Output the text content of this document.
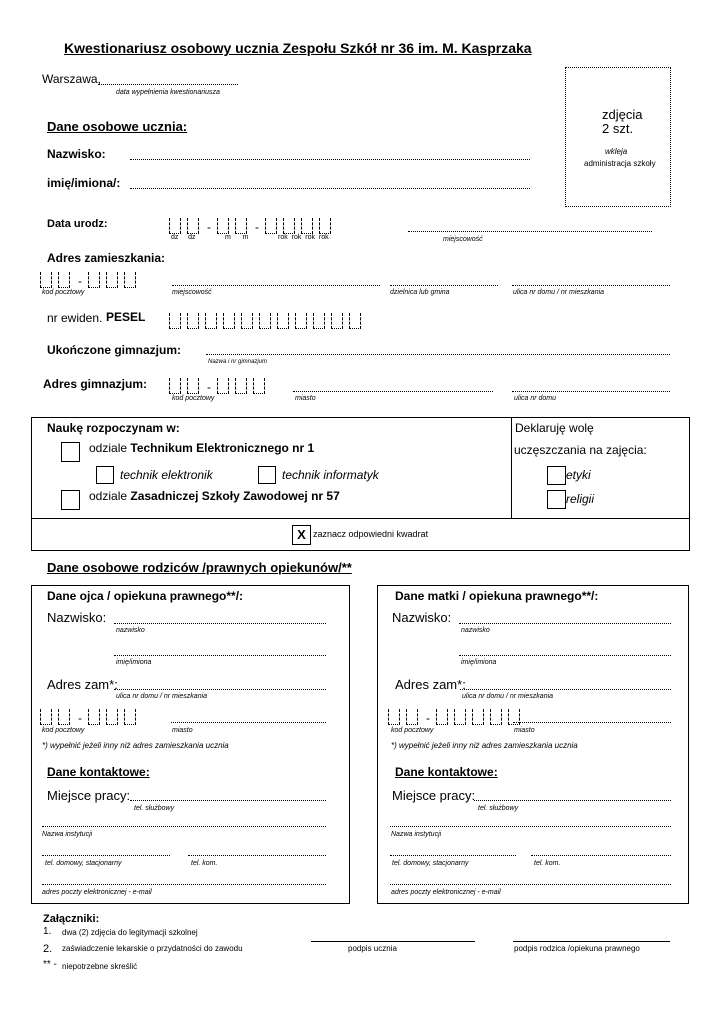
Kwestionariusz osobowy ucznia Zespołu Szkół nr 36 im. M. Kasprzaka
Warszawa,
data wypełnienia kwestionariusza
zdjęcia
2 szt.
wkleja
administracja szkoły
Dane osobowe ucznia:
Nazwisko:
imię/imiona/:
Data urodz:	-	-
dz dz	m m	rok rok rok rok	miejscowość
Adres zamieszkania:
-
kod pocztowy	miejscowość	dzielnica lub gmina	ulica nr domu / nr mieszkania
nr ewiden. PESEL
Ukończone gimnazjum:
Nazwa i nr gimnazjum
Adres gimnazjum:	-
kod pocztowy	miasto	ulica nr domu
Naukę rozpoczynam w:
odziale Technikum Elektronicznego nr 1
technik elektronik	technik informatyk
odziale Zasadniczej Szkoły Zawodowej nr 57
Deklaruję wolę
uczęszczania na zajęcia:
etyki
religii
X zaznacz odpowiedni kwadrat
Dane osobowe rodziców /prawnych opiekunów/**
Dane ojca / opiekuna prawnego**/:
Nazwisko:
nazwisko
imię/imiona
Adres zam*:
ulica nr domu / nr mieszkania
-
kod pocztowy	miasto
*) wypełnić jeżeli inny niż adres zamieszkania ucznia
Dane kontaktowe:
Miejsce pracy:
tel. służbowy
Nazwa instytucji
tel. domowy, stacjonarny	tel. kom.
adres poczty elektronicznej - e-mail
Dane matki / opiekuna prawnego**/:
Nazwisko:
nazwisko
imię/imiona
Adres zam*:
ulica nr domu / nr mieszkania
-
kod pocztowy	miasto
*) wypełnić jeżeli inny niż adres zamieszkania ucznia
Dane kontaktowe:
Miejsce pracy:
tel. służbowy
Nazwa instytucji
tel. domowy, stacjonarny	tel. kom.
adres poczty elektronicznej - e-mail
Załączniki:
1. dwa (2) zdjęcia do legitymacji szkolnej
2. zaświadczenie lekarskie o przydatności do zawodu
** - niepotrzebne skreślić
podpis ucznia	podpis rodzica /opiekuna prawnego
